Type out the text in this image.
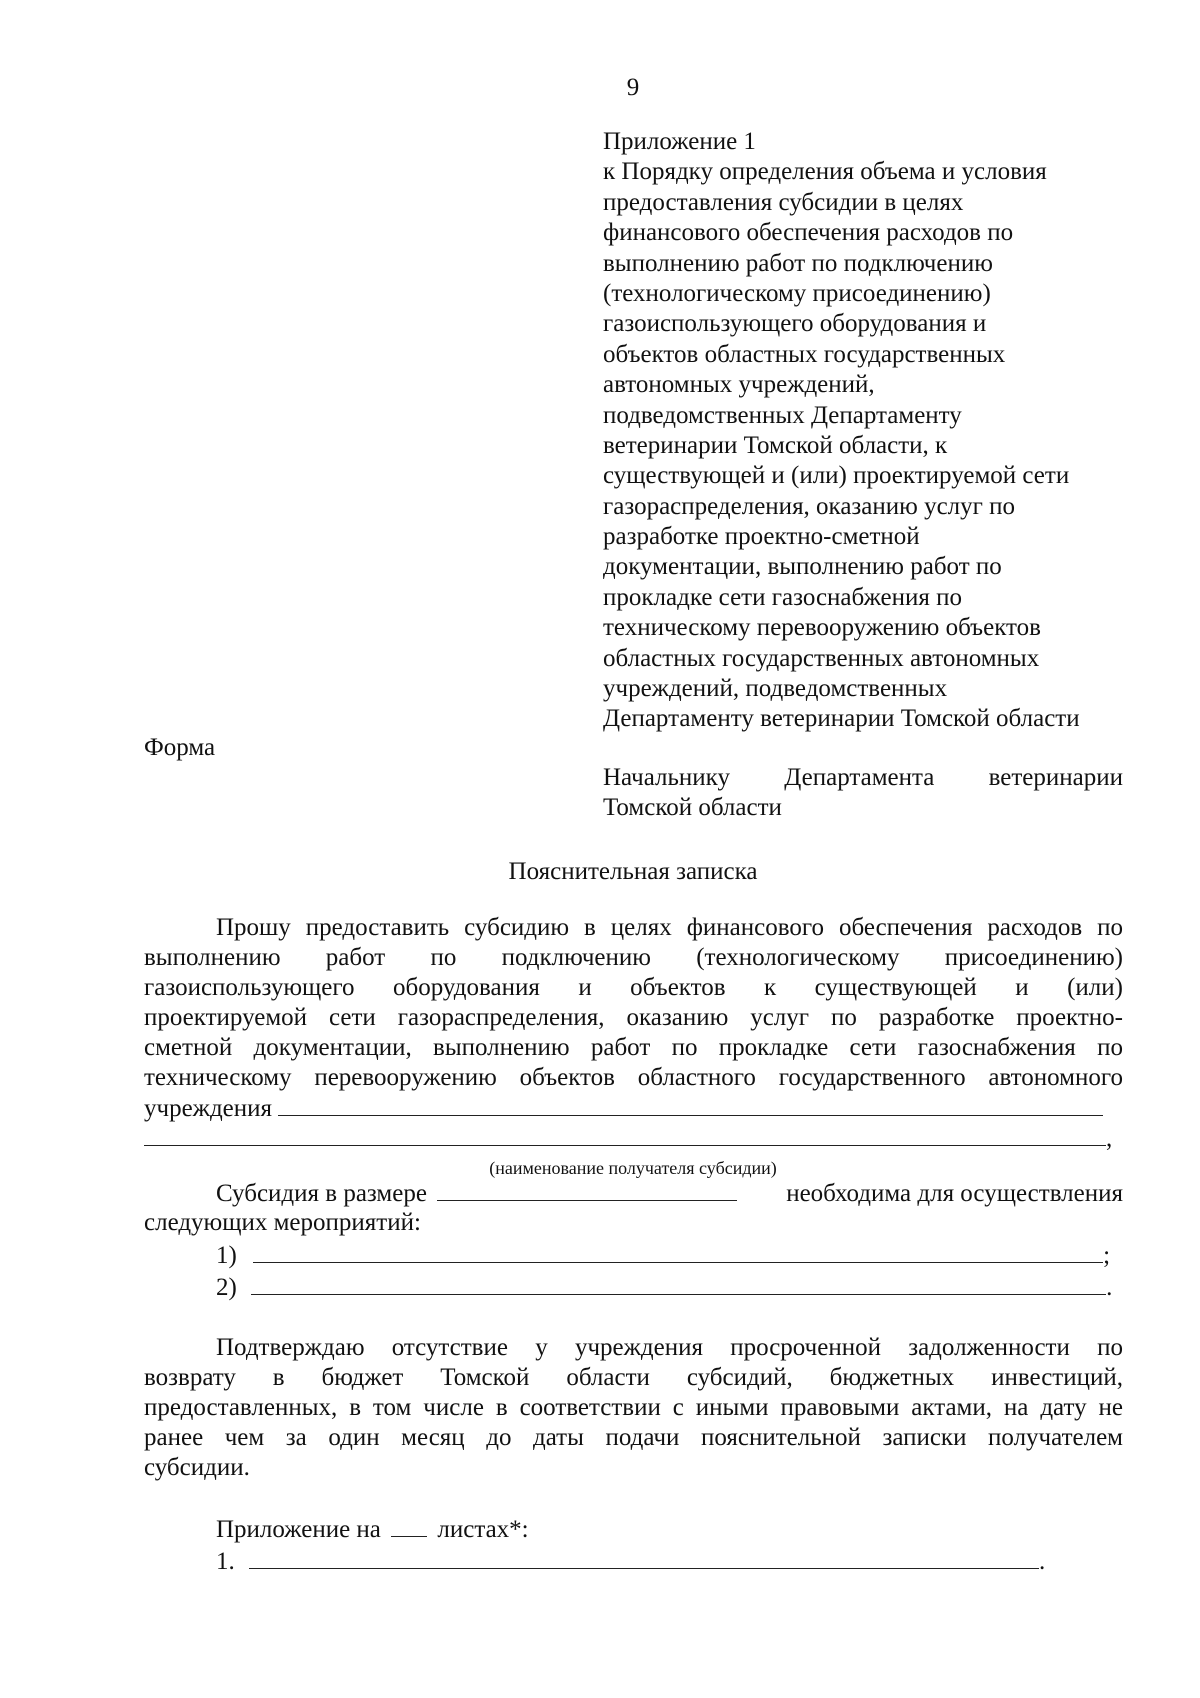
9
Приложение 1
к Порядку определения объема и условия
предоставления субсидии в целях
финансового обеспечения расходов по
выполнению работ по подключению
(технологическому присоединению)
газоиспользующего оборудования и
объектов областных государственных
автономных учреждений,
подведомственных Департаменту
ветеринарии Томской области, к
существующей и (или) проектируемой сети
газораспределения, оказанию услуг по
разработке проектно-сметной
документации, выполнению работ по
прокладке сети газоснабжения по
техническому перевооружению объектов
областных государственных автономных
учреждений, подведомственных
Департаменту ветеринарии Томской области
Форма
Начальнику Департамента ветеринарии
Томской области
Пояснительная записка
Прошу предоставить субсидию в целях финансового обеспечения расходов по
выполнению работ по подключению (технологическому присоединению)
газоиспользующего оборудования и объектов к существующей и (или)
проектируемой сети газораспределения, оказанию услуг по разработке проектно-
сметной документации, выполнению работ по прокладке сети газоснабжения по
техническому перевооружению объектов областного государственного автономного
учреждения
,
(наименование получателя субсидии)
Субсидия в размере	необходима для осуществления
следующих мероприятий:
1)	;
2)	.
Подтверждаю отсутствие у учреждения просроченной задолженности по
возврату в бюджет Томской области субсидий, бюджетных инвестиций,
предоставленных, в том числе в соответствии с иными правовыми актами, на дату не
ранее чем за один месяц до даты подачи пояснительной записки получателем
субсидии.
Приложение на листах*:
1.	.
